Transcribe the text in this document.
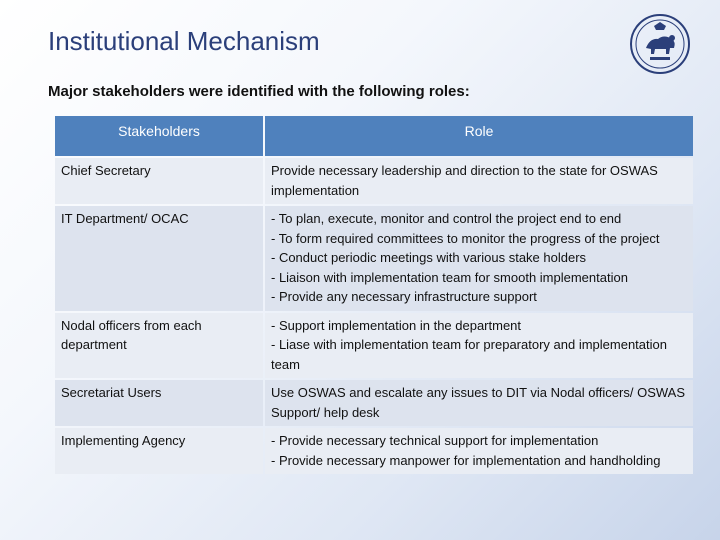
Institutional Mechanism
Major stakeholders were identified with the following roles:
Stakeholders	Role
Chief Secretary	Provide necessary leadership and direction to the state for OSWAS implementation
IT Department/ OCAC	- To plan, execute, monitor and control the project end to end
- To form required committees to monitor the progress of the project
- Conduct periodic meetings with various stake holders
- Liaison with implementation team for smooth implementation
- Provide any necessary infrastructure support
Nodal officers from each department	- Support implementation in the department
- Liase with implementation team for preparatory and implementation team
Secretariat Users	Use OSWAS and escalate any issues to DIT via Nodal officers/ OSWAS Support/ help desk
Implementing Agency	- Provide necessary technical support for implementation
- Provide necessary manpower for implementation and handholding
